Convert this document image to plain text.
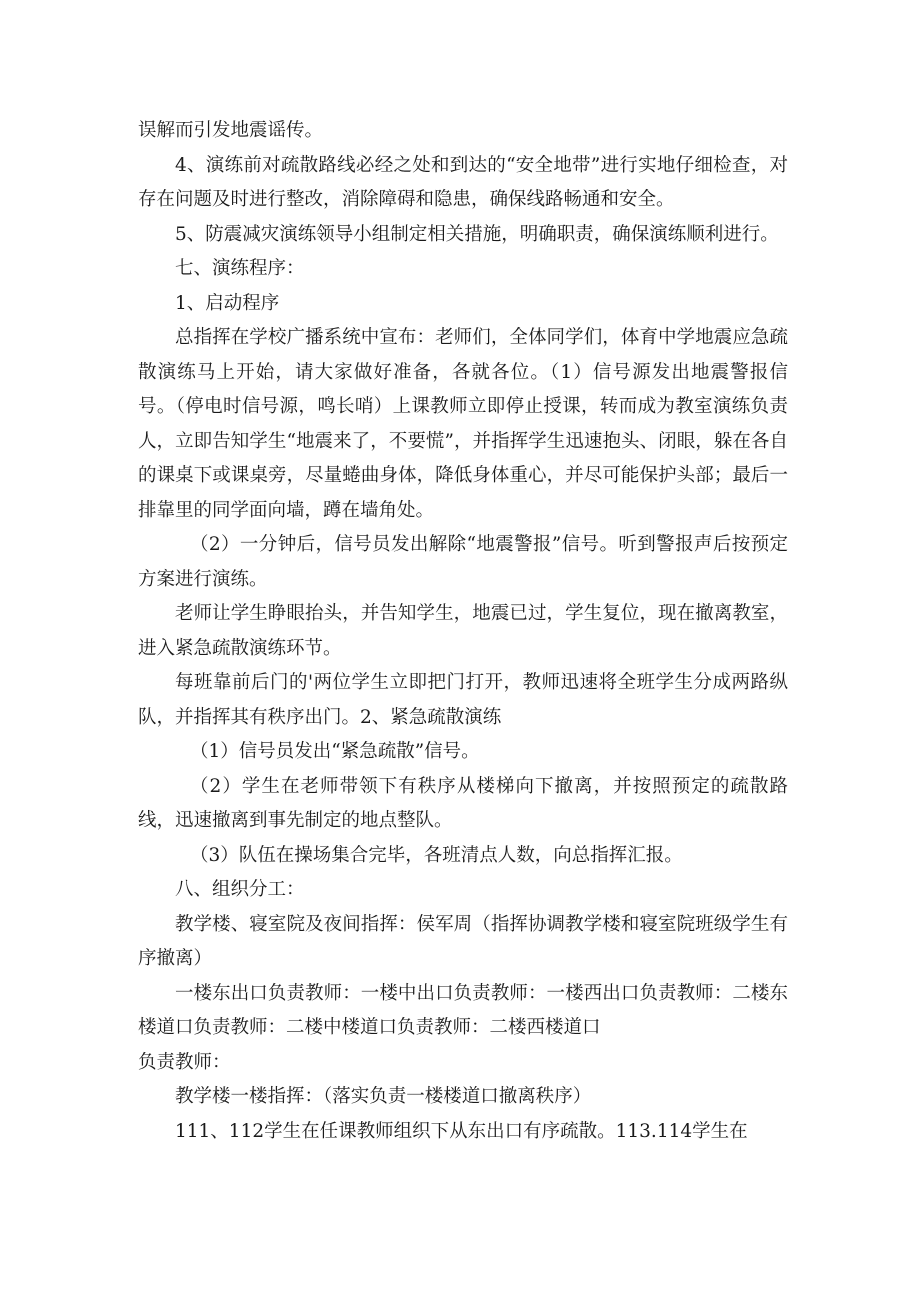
误解而引发地震谣传。

4、演练前对疏散路线必经之处和到达的“安全地带”进行实地仔细检查，对存在问题及时进行整改，消除障碍和隐患，确保线路畅通和安全。

5、防震减灾演练领导小组制定相关措施，明确职责，确保演练顺利进行。

七、演练程序：

1、启动程序

总指挥在学校广播系统中宣布：老师们，全体同学们，体育中学地震应急疏散演练马上开始，请大家做好准备，各就各位。（1）信号源发出地震警报信号。（停电时信号源，鸣长哨）上课教师立即停止授课，转而成为教室演练负责人，立即告知学生“地震来了，不要慌”，并指挥学生迅速抱头、闭眼，躲在各自的课桌下或课桌旁，尽量蜷曲身体，降低身体重心，并尽可能保护头部；最后一排靠里的同学面向墙，蹲在墙角处。

（2）一分钟后，信号员发出解除“地震警报”信号。听到警报声后按预定方案进行演练。

老师让学生睁眼抬头，并告知学生，地震已过，学生复位，现在撤离教室，进入紧急疏散演练环节。

每班靠前后门的'两位学生立即把门打开，教师迅速将全班学生分成两路纵队，并指挥其有秩序出门。2、紧急疏散演练

（1）信号员发出“紧急疏散”信号。

（2）学生在老师带领下有秩序从楼梯向下撤离，并按照预定的疏散路线，迅速撤离到事先制定的地点整队。

（3）队伍在操场集合完毕，各班清点人数，向总指挥汇报。

八、组织分工：

教学楼、寝室院及夜间指挥：侯军周（指挥协调教学楼和寝室院班级学生有序撤离）

一楼东出口负责教师：一楼中出口负责教师：一楼西出口负责教师：二楼东楼道口负责教师：二楼中楼道口负责教师：二楼西楼道口

负责教师：

教学楼一楼指挥：（落实负责一楼楼道口撤离秩序）

111、112学生在任课教师组织下从东出口有序疏散。113.114学生在
